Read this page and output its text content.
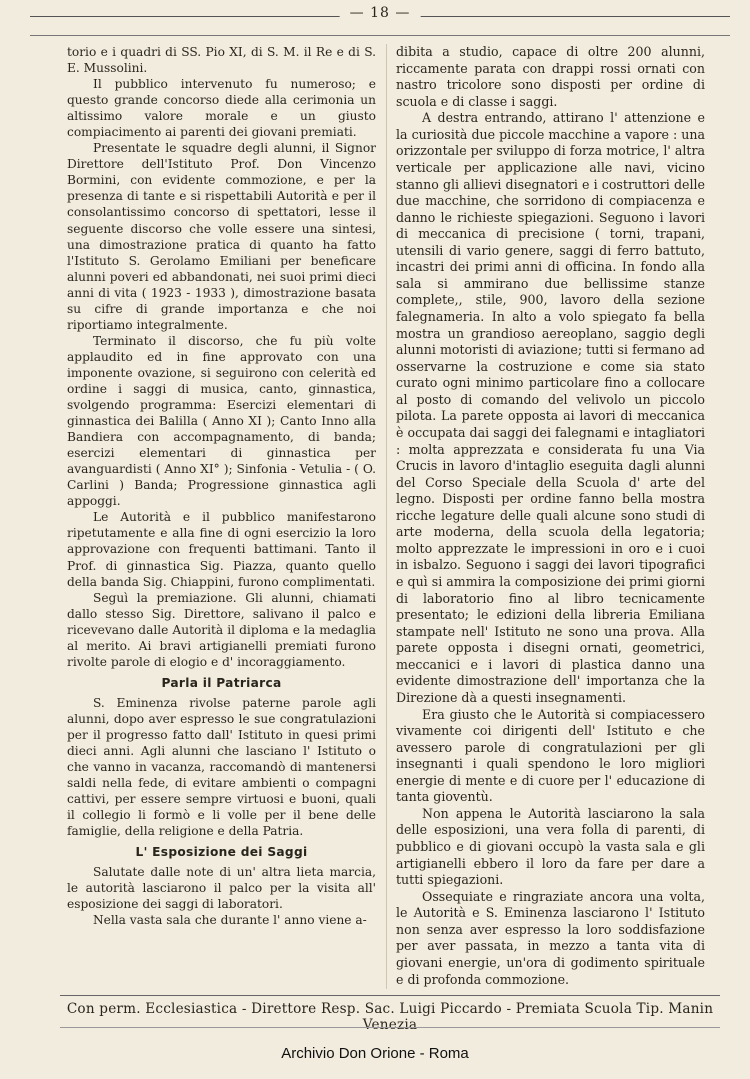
— 18 —

torio e i quadri di SS. Pio XI, di S. M. il Re e di S. E. Mussolini.

Il pubblico intervenuto fu numeroso; e questo grande concorso diede alla cerimonia un altissimo valore morale e un giusto compiacimento ai parenti dei giovani premiati.

Presentate le squadre degli alunni, il Signor Direttore dell'Istituto Prof. Don Vincenzo Bormini, con evidente commozione, e per la presenza di tante e si rispettabili Autorità e per il consolantissimo concorso di spettatori, lesse il seguente discorso che volle essere una sintesi, una dimostrazione pratica di quanto ha fatto l'Istituto S. Gerolamo Emiliani per beneficare alunni poveri ed abbandonati, nei suoi primi dieci anni di vita ( 1923 - 1933 ), dimostrazione basata su cifre di grande importanza e che noi riportiamo integralmente.

Terminato il discorso, che fu più volte applaudito ed in fine approvato con una imponente ovazione, si seguirono con celerità ed ordine i saggi di musica, canto, ginnastica, svolgendo programma: Esercizi elementari di ginnastica dei Balilla ( Anno XI ); Canto Inno alla Bandiera con accompagnamento, di banda; esercizi elementari di ginnastica per avanguardisti ( Anno XI° ); Sinfonia - Vetulia - ( O. Carlini ) Banda; Progressione ginnastica agli appoggi.

Le Autorità e il pubblico manifestarono ripetutamente e alla fine di ogni esercizio la loro approvazione con frequenti battimani. Tanto il Prof. di ginnastica Sig. Piazza, quanto quello della banda Sig. Chiappini, furono complimentati.

Seguì la premiazione. Gli alunni, chiamati dallo stesso Sig. Direttore, salivano il palco e ricevevano dalle Autorità il diploma e la medaglia al merito. Ai bravi artigianelli premiati furono rivolte parole di elogio e d' incoraggiamento.

Parla il Patriarca

S. Eminenza rivolse paterne parole agli alunni, dopo aver espresso le sue congratulazioni per il progresso fatto dall' Istituto in quesi primi dieci anni. Agli alunni che lasciano l' Istituto o che vanno in vacanza, raccomandò di mantenersi saldi nella fede, di evitare ambienti o compagni cattivi, per essere sempre virtuosi e buoni, quali il collegio li formò e li volle per il bene delle famiglie, della religione e della Patria.

L' Esposizione dei Saggi

Salutate dalle note di un' altra lieta marcia, le autorità lasciarono il palco per la visita all' esposizione dei saggi di laboratori.

Nella vasta sala che durante l' anno viene a-

dibita a studio, capace di oltre 200 alunni, riccamente parata con drappi rossi ornati con nastro tricolore sono disposti per ordine di scuola e di classe i saggi.

A destra entrando, attirano l' attenzione e la curiosità due piccole macchine a vapore : una orizzontale per sviluppo di forza motrice, l' altra verticale per applicazione alle navi, vicino stanno gli allievi disegnatori e i costruttori delle due macchine, che sorridono di compiacenza e danno le richieste spiegazioni. Seguono i lavori di meccanica di precisione ( torni, trapani, utensili di vario genere, saggi di ferro battuto, incastri dei primi anni di officina. In fondo alla sala si ammirano due bellissime stanze complete,, stile, 900, lavoro della sezione falegnameria. In alto a volo spiegato fa bella mostra un grandioso aereoplano, saggio degli alunni motoristi di aviazione; tutti si fermano ad osservarne la costruzione e come sia stato curato ogni minimo particolare fino a collocare al posto di comando del velivolo un piccolo pilota. La parete opposta ai lavori di meccanica è occupata dai saggi dei falegnami e intagliatori : molta apprezzata e considerata fu una Via Crucis in lavoro d'intaglio eseguita dagli alunni del Corso Speciale della Scuola d' arte del legno. Disposti per ordine fanno bella mostra ricche legature delle quali alcune sono studi di arte moderna, della scuola della legatoria; molto apprezzate le impressioni in oro e i cuoi in isbalzo. Seguono i saggi dei lavori tipografici e quì si ammira la composizione dei primi giorni di laboratorio fino al libro tecnicamente presentato; le edizioni della libreria Emiliana stampate nell' Istituto ne sono una prova. Alla parete opposta i disegni ornati, geometrici, meccanici e i lavori di plastica danno una evidente dimostrazione dell' importanza che la Direzione dà a questi insegnamenti.

Era giusto che le Autorità si compiacessero vivamente coi dirigenti dell' Istituto e che avessero parole di congratulazioni per gli insegnanti i quali spendono le loro migliori energie di mente e di cuore per l' educazione di tanta gioventù.

Non appena le Autorità lasciarono la sala delle esposizioni, una vera folla di parenti, di pubblico e di giovani occupò la vasta sala e gli artigianelli ebbero il loro da fare per dare a tutti spiegazioni.

Ossequiate e ringraziate ancora una volta, le Autorità e S. Eminenza lasciarono l' Istituto non senza aver espresso la loro soddisfazione per aver passata, in mezzo a tanta vita di giovani energie, un'ora di godimento spirituale e di profonda commozione.

Con perm. Ecclesiastica - Direttore Resp. Sac. Luigi Piccardo - Premiata Scuola Tip. Manin Venezia
Archivio Don Orione - Roma
